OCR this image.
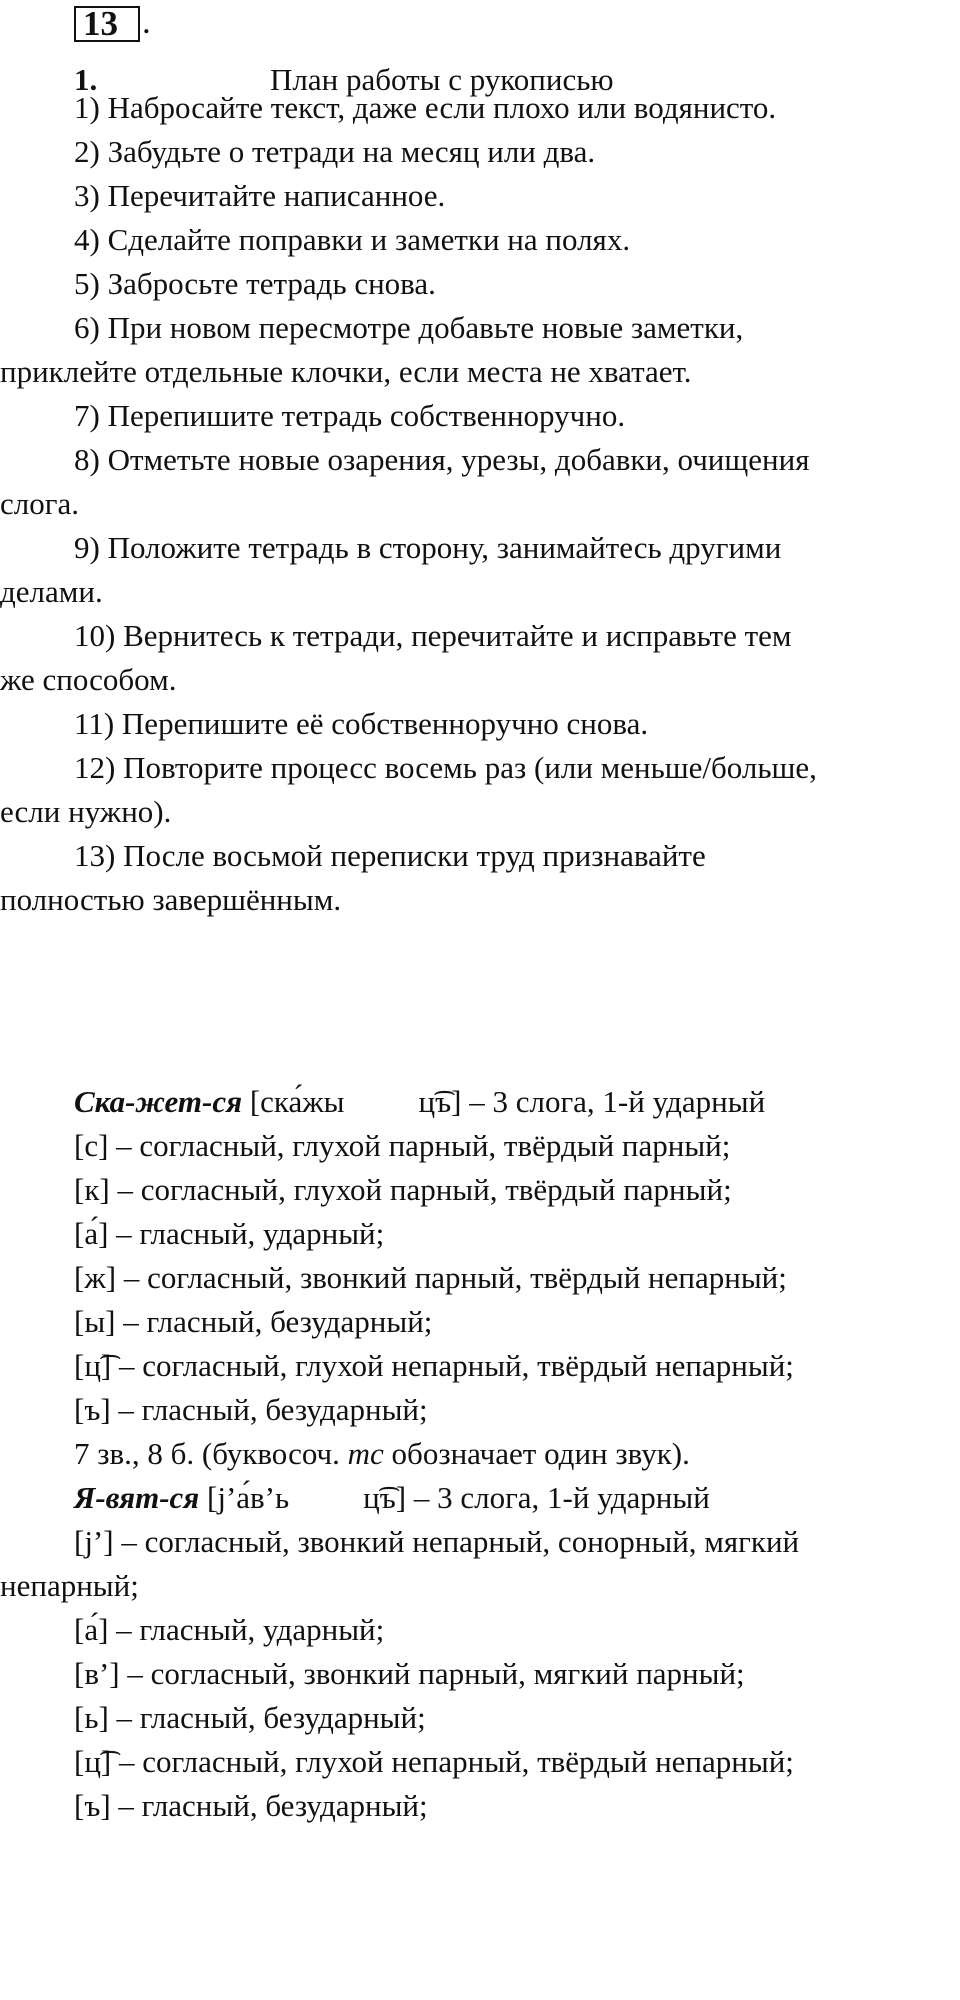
13 .
1.	План работы с рукописью

1) Набросайте текст, даже если плохо или водянисто.

2) Забудьте о тетради на месяц или два.

3) Перечитайте написанное.

4) Сделайте поправки и заметки на полях.

5) Забросьте тетрадь снова.

6) При новом пересмотре добавьте новые заметки,

приклейте отдельные клочки, если места не хватает.

7) Перепишите тетрадь собственноручно.

8) Отметьте новые озарения, урезы, добавки, очищения

слога.

9) Положите тетрадь в сторону, занимайтесь другими

делами.

10) Вернитесь к тетради, перечитайте и исправьте тем

же способом.

11) Перепишите её собственноручно снова.

12) Повторите процесс восемь раз (или меньше/больше,

если нужно).

13) После восьмой переписки труд признавайте

полностью завершённым.

Ска-жет-ся [ска́жы ц͡ъ] – 3 слога, 1-й ударный

[с] – согласный, глухой парный, твёрдый парный;

[к] – согласный, глухой парный, твёрдый парный;

[а́] – гласный, ударный;

[ж] – согласный, звонкий парный, твёрдый непарный;

[ы] – гласный, безударный;

[ц͡] – согласный, глухой непарный, твёрдый непарный;

[ъ] – гласный, безударный;

7 зв., 8 б. (буквосоч. тс обозначает один звук).

Я-вят-ся [j’а́в’ь ц͡ъ] – 3 слога, 1-й ударный

[j’] – согласный, звонкий непарный, сонорный, мягкий

непарный;

[а́] – гласный, ударный;

[в’] – согласный, звонкий парный, мягкий парный;

[ь] – гласный, безударный;

[ц͡] – согласный, глухой непарный, твёрдый непарный;

[ъ] – гласный, безударный;
